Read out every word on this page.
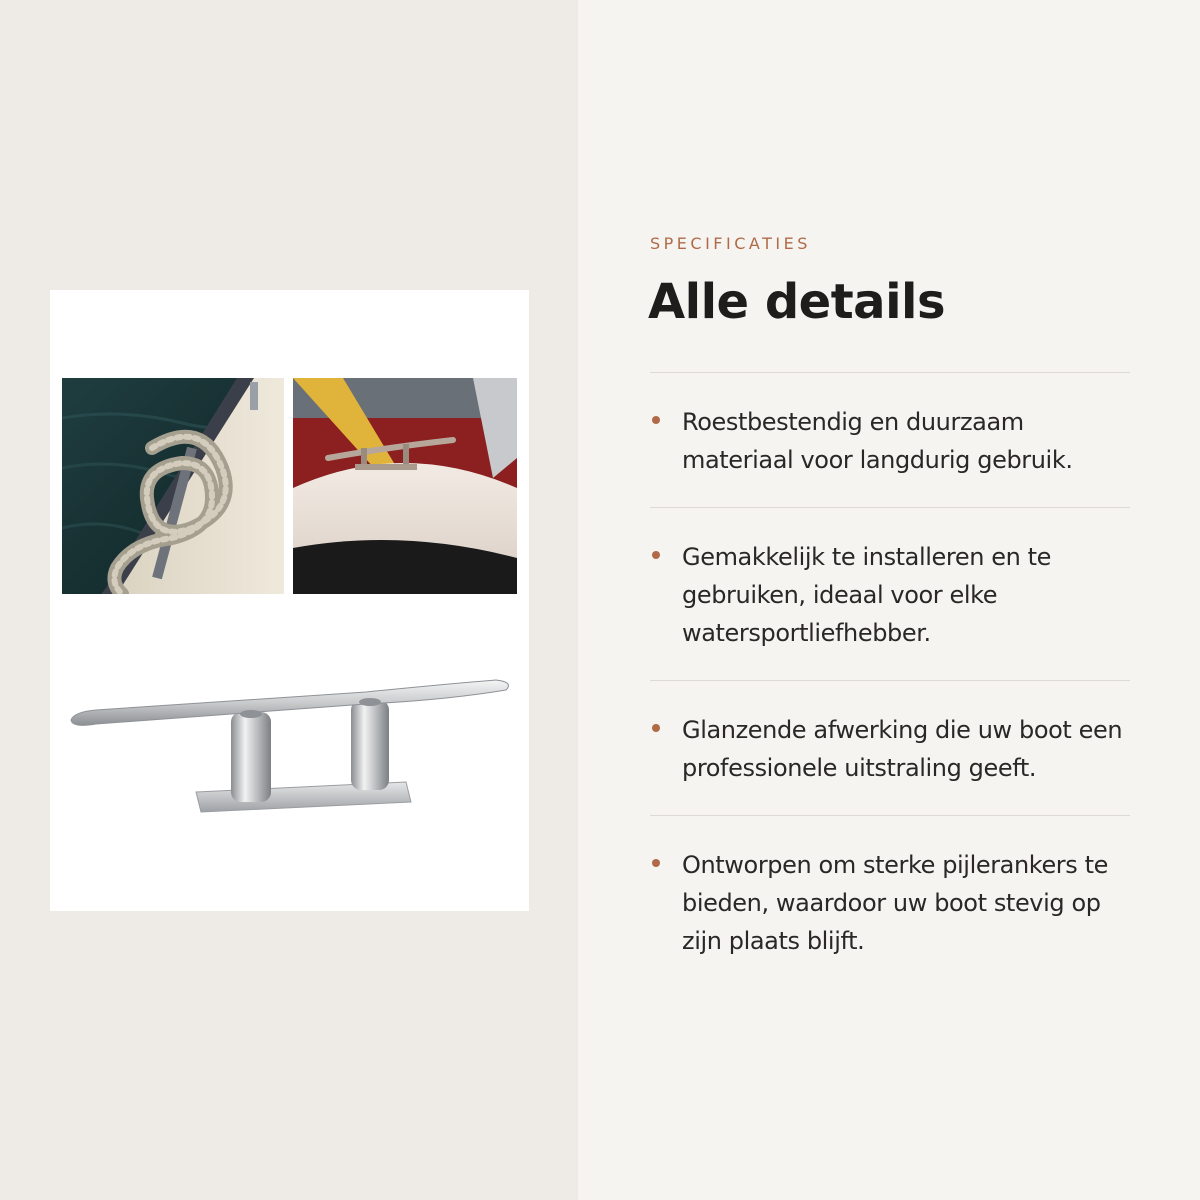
SPECIFICATIES
Alle details
Roestbestendig en duurzaam materiaal voor langdurig gebruik.
Gemakkelijk te installeren en te gebruiken, ideaal voor elke watersportliefhebber.
Glanzende afwerking die uw boot een professionele uitstraling geeft.
Ontworpen om sterke pijlerankers te bieden, waardoor uw boot stevig op zijn plaats blijft.
